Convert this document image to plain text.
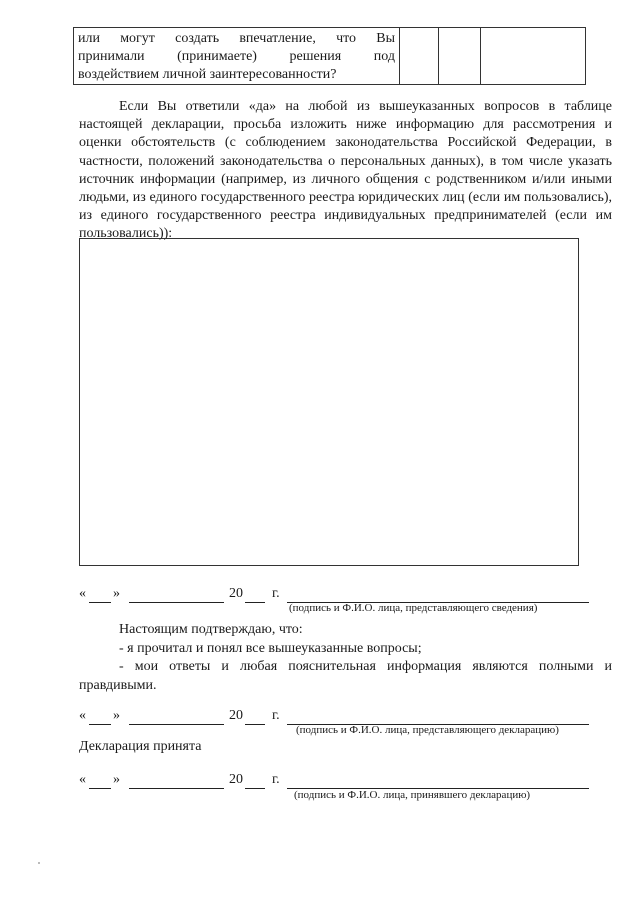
или могут создать впечатление, что Вы
принимали (принимаете) решения под
воздействием личной заинтересованности?

Если Вы ответили «да» на любой из вышеуказанных вопросов в таблице настоящей декларации, просьба изложить ниже информацию для рассмотрения и оценки обстоятельств (с соблюдением законодательства Российской Федерации, в частности, положений законодательства о персональных данных), в том числе указать источник информации (например, из личного общения с родственником и/или иными людьми, из единого государственного реестра юридических лиц (если им пользовались), из единого государственного реестра индивидуальных предпринимателей (если им пользовались)):

« »	20 г.
(подпись и Ф.И.О. лица, представляющего сведения)

Настоящим подтверждаю, что:

- я прочитал и понял все вышеуказанные вопросы;

- мои ответы и любая пояснительная информация являются полными и правдивыми.

« »	20 г.
(подпись и Ф.И.О. лица, представляющего декларацию)

Декларация принята

« »	20 г.
(подпись и Ф.И.О. лица, принявшего декларацию)
